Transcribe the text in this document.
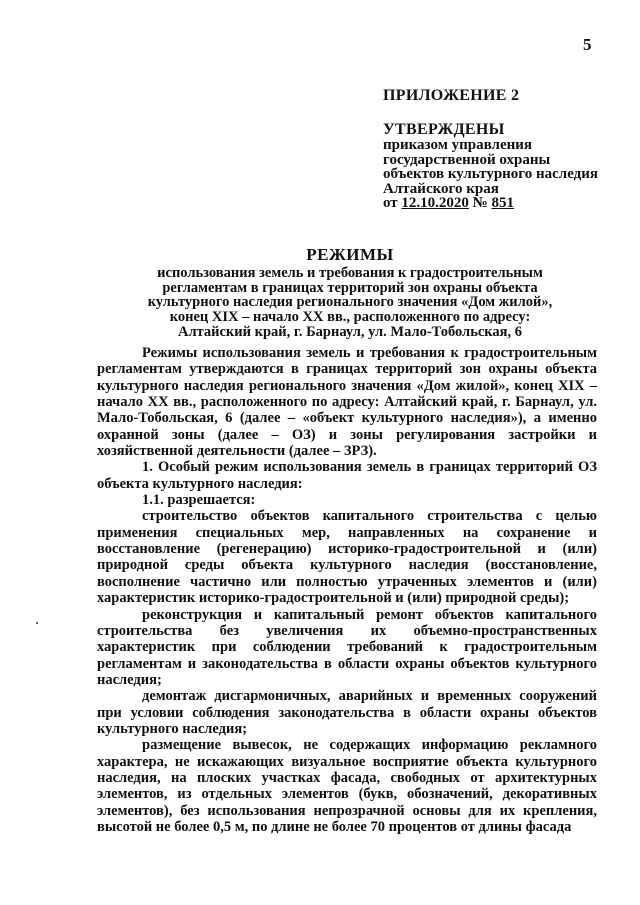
5
ПРИЛОЖЕНИЕ 2
УТВЕРЖДЕНЫ
приказом управления
государственной охраны
объектов культурного наследия
Алтайского края
от 12.10.2020 № 851
РЕЖИМЫ
использования земель и требования к градостроительным
регламентам в границах территорий зон охраны объекта
культурного наследия регионального значения «Дом жилой»,
конец XIX – начало XX вв., расположенного по адресу:
Алтайский край, г. Барнаул, ул. Мало-Тобольская, 6

Режимы использования земель и требования к градостроительным регламентам утверждаются в границах территорий зон охраны объекта культурного наследия регионального значения «Дом жилой», конец XIX – начало XX вв., расположенного по адресу: Алтайский край, г. Барнаул, ул. Мало-Тобольская, 6 (далее – «объект культурного наследия»), а именно охранной зоны (далее – ОЗ) и зоны регулирования застройки и хозяйственной деятельности (далее – ЗРЗ).

1. Особый режим использования земель в границах территорий ОЗ объекта культурного наследия:

1.1. разрешается:

строительство объектов капитального строительства с целью применения специальных мер, направленных на сохранение и восстановление (регенерацию) историко-градостроительной и (или) природной среды объекта культурного наследия (восстановление, восполнение частично или полностью утраченных элементов и (или) характеристик историко-градостроительной и (или) природной среды);

реконструкция и капитальный ремонт объектов капитального строительства без увеличения их объемно-пространственных характеристик при соблюдении требований к градостроительным регламентам и законодательства в области охраны объектов культурного наследия;

демонтаж дисгармоничных, аварийных и временных сооружений при условии соблюдения законодательства в области охраны объектов культурного наследия;

размещение вывесок, не содержащих информацию рекламного характера, не искажающих визуальное восприятие объекта культурного наследия, на плоских участках фасада, свободных от архитектурных элементов, из отдельных элементов (букв, обозначений, декоративных элементов), без использования непрозрачной основы для их крепления, высотой не более 0,5 м, по длине не более 70 процентов от длины фасада
